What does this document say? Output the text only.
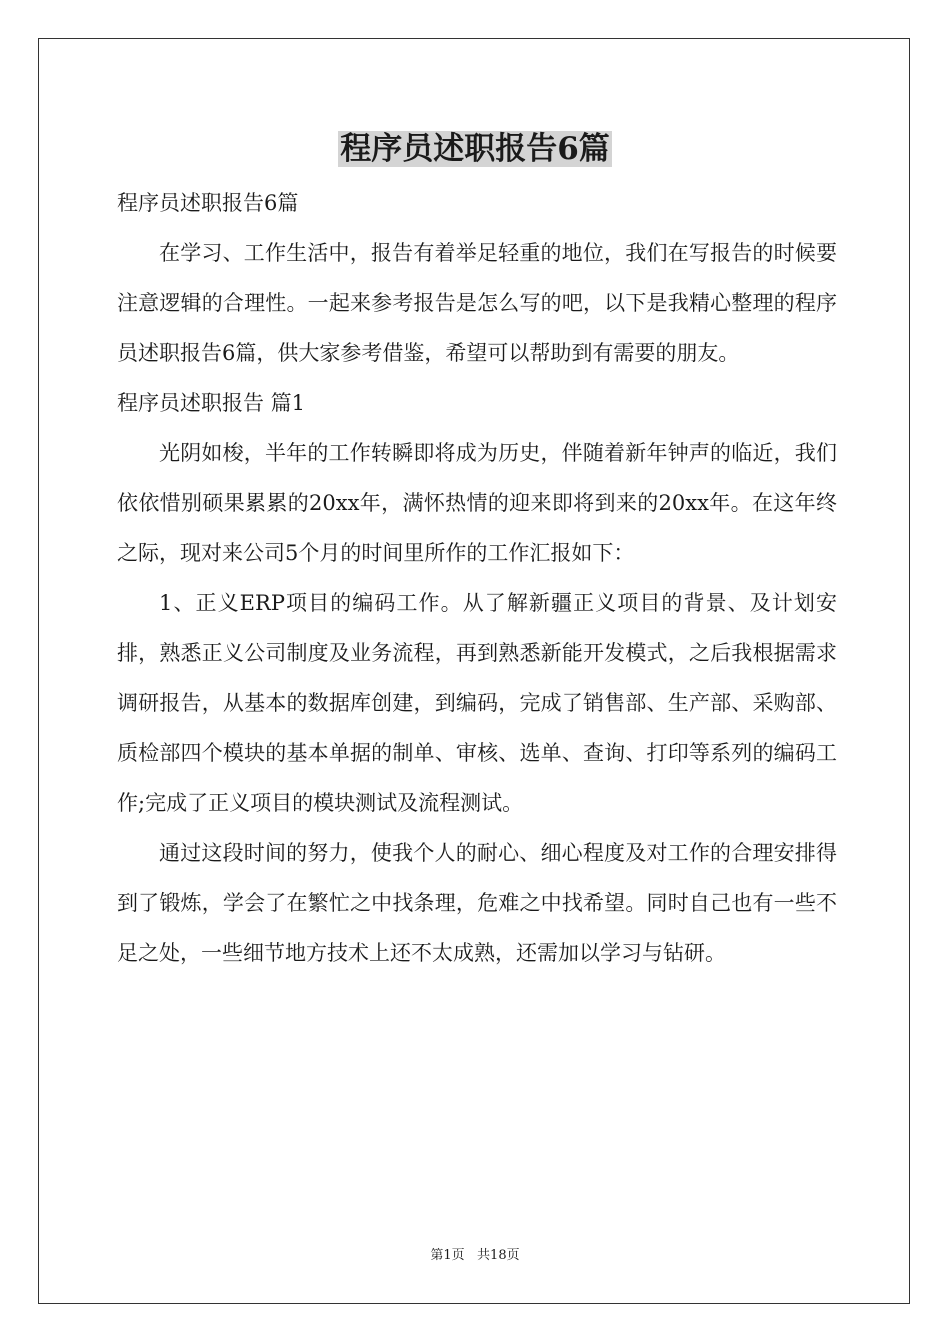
程序员述职报告6篇

程序员述职报告6篇

在学习、工作生活中，报告有着举足轻重的地位，我们在写报告的时候要注意逻辑的合理性。一起来参考报告是怎么写的吧，以下是我精心整理的程序员述职报告6篇，供大家参考借鉴，希望可以帮助到有需要的朋友。

程序员述职报告 篇1

光阴如梭，半年的工作转瞬即将成为历史，伴随着新年钟声的临近，我们依依惜别硕果累累的20xx年，满怀热情的迎来即将到来的20xx年。在这年终之际，现对来公司5个月的时间里所作的工作汇报如下：

1、正义ERP项目的编码工作。从了解新疆正义项目的背景、及计划安排，熟悉正义公司制度及业务流程，再到熟悉新能开发模式，之后我根据需求调研报告，从基本的数据库创建，到编码，完成了销售部、生产部、采购部、质检部四个模块的基本单据的制单、审核、选单、查询、打印等系列的编码工作;完成了正义项目的模块测试及流程测试。

通过这段时间的努力，使我个人的耐心、细心程度及对工作的合理安排得到了锻炼，学会了在繁忙之中找条理，危难之中找希望。同时自己也有一些不足之处，一些细节地方技术上还不太成熟，还需加以学习与钻研。

第1页   共18页
